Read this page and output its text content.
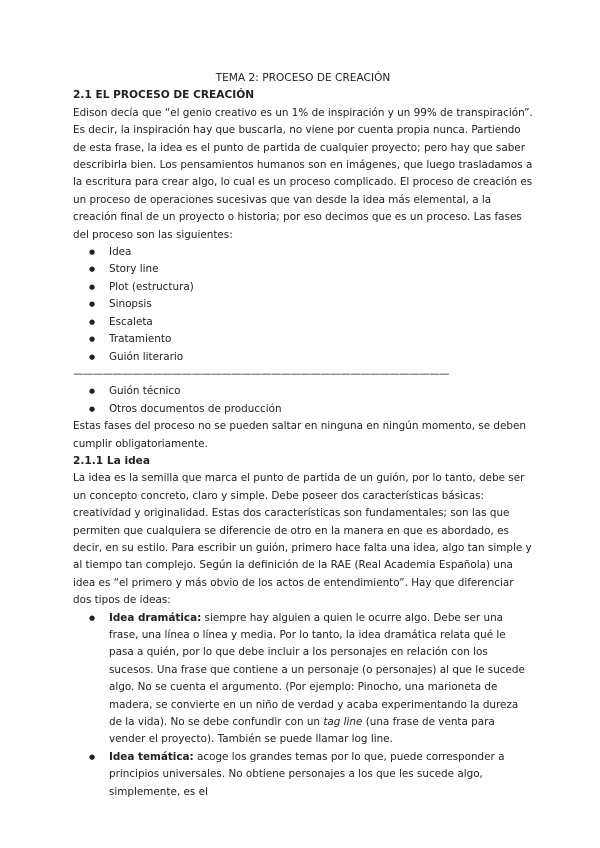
TEMA 2: PROCESO DE CREACIÓN
2.1 EL PROCESO DE CREACIÓN

Edison decía que “el genio creativo es un 1% de inspiración y un 99% de transpiración”. Es decir, la inspiración hay que buscarla, no viene por cuenta propia nunca. Partiendo de esta frase, la idea es el punto de partida de cualquier proyecto; pero hay que saber describirla bien. Los pensamientos humanos son en imágenes, que luego trasladamos a la escritura para crear algo, lo cual es un proceso complicado. El proceso de creación es un proceso de operaciones sucesivas que van desde la idea más elemental, a la creación final de un proyecto o historia; por eso decimos que es un proceso. Las fases del proceso son las siguientes:

● Idea
● Story line
● Plot (estructura)
● Sinopsis
● Escaleta
● Tratamiento
● Guión literario
——————————————————————————————————————
● Guión técnico
● Otros documentos de producción

Estas fases del proceso no se pueden saltar en ninguna en ningún momento, se deben cumplir obligatoriamente.

2.1.1 La idea

La idea es la semilla que marca el punto de partida de un guión, por lo tanto, debe ser un concepto concreto, claro y simple. Debe poseer dos características básicas: creatividad y originalidad. Estas dos características son fundamentales; son las que permiten que cualquiera se diferencie de otro en la manera en que es abordado, es decir, en su estilo. Para escribir un guión, primero hace falta una idea, algo tan simple y al tiempo tan complejo. Según la definición de la RAE (Real Academia Española) una idea es “el primero y más obvio de los actos de entendimiento”. Hay que diferenciar dos tipos de ideas:

● Idea dramática: siempre hay alguien a quien le ocurre algo. Debe ser una frase, una línea o línea y media. Por lo tanto, la idea dramática relata qué le pasa a quién, por lo que debe incluir a los personajes en relación con los sucesos. Una frase que contiene a un personaje (o personajes) al que le sucede algo. No se cuenta el argumento. (Por ejemplo: Pinocho, una marioneta de madera, se convierte en un niño de verdad y acaba experimentando la dureza de la vida). No se debe confundir con un tag line (una frase de venta para vender el proyecto). También se puede llamar log line.
● Idea temática: acoge los grandes temas por lo que, puede corresponder a principios universales. No obtiene personajes a los que les sucede algo, simplemente, es el
